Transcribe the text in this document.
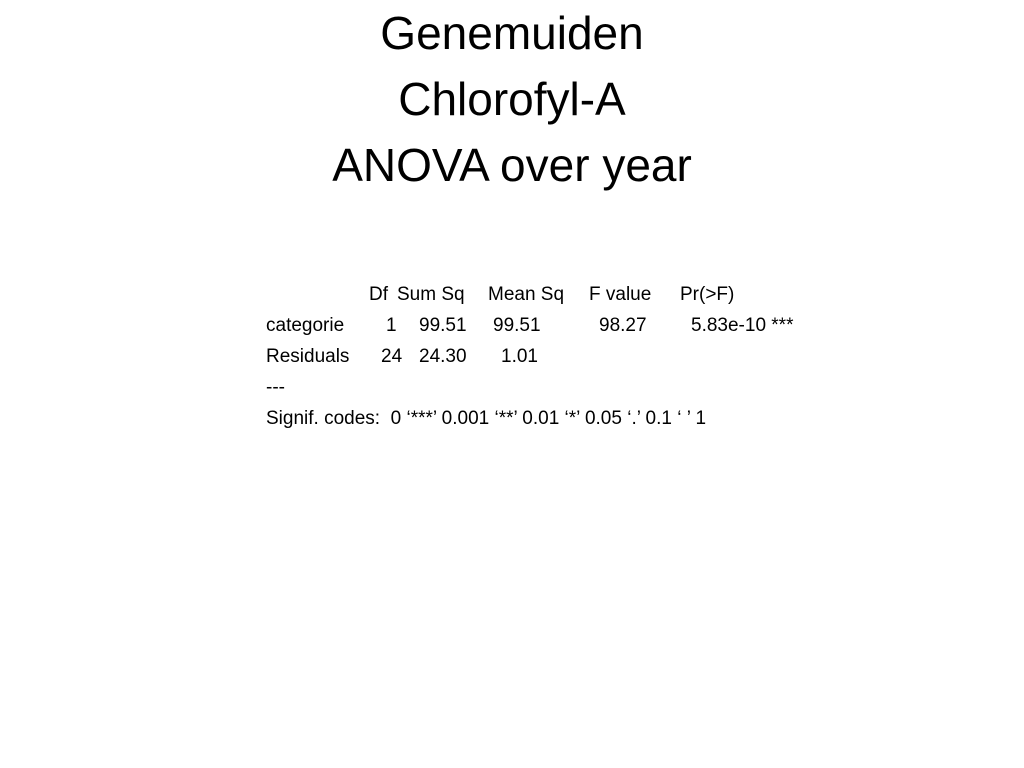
Genemuiden
Chlorofyl-A
ANOVA over year
Df Sum Sq Mean Sq F value Pr(>F)
categorie 1 99.51 99.51	98.27 5.83e-10 ***
Residuals 24 24.30 1.01
---
Signif. codes:  0 ‘***’ 0.001 ‘**’ 0.01 ‘*’ 0.05 ‘.’ 0.1 ‘ ’ 1
